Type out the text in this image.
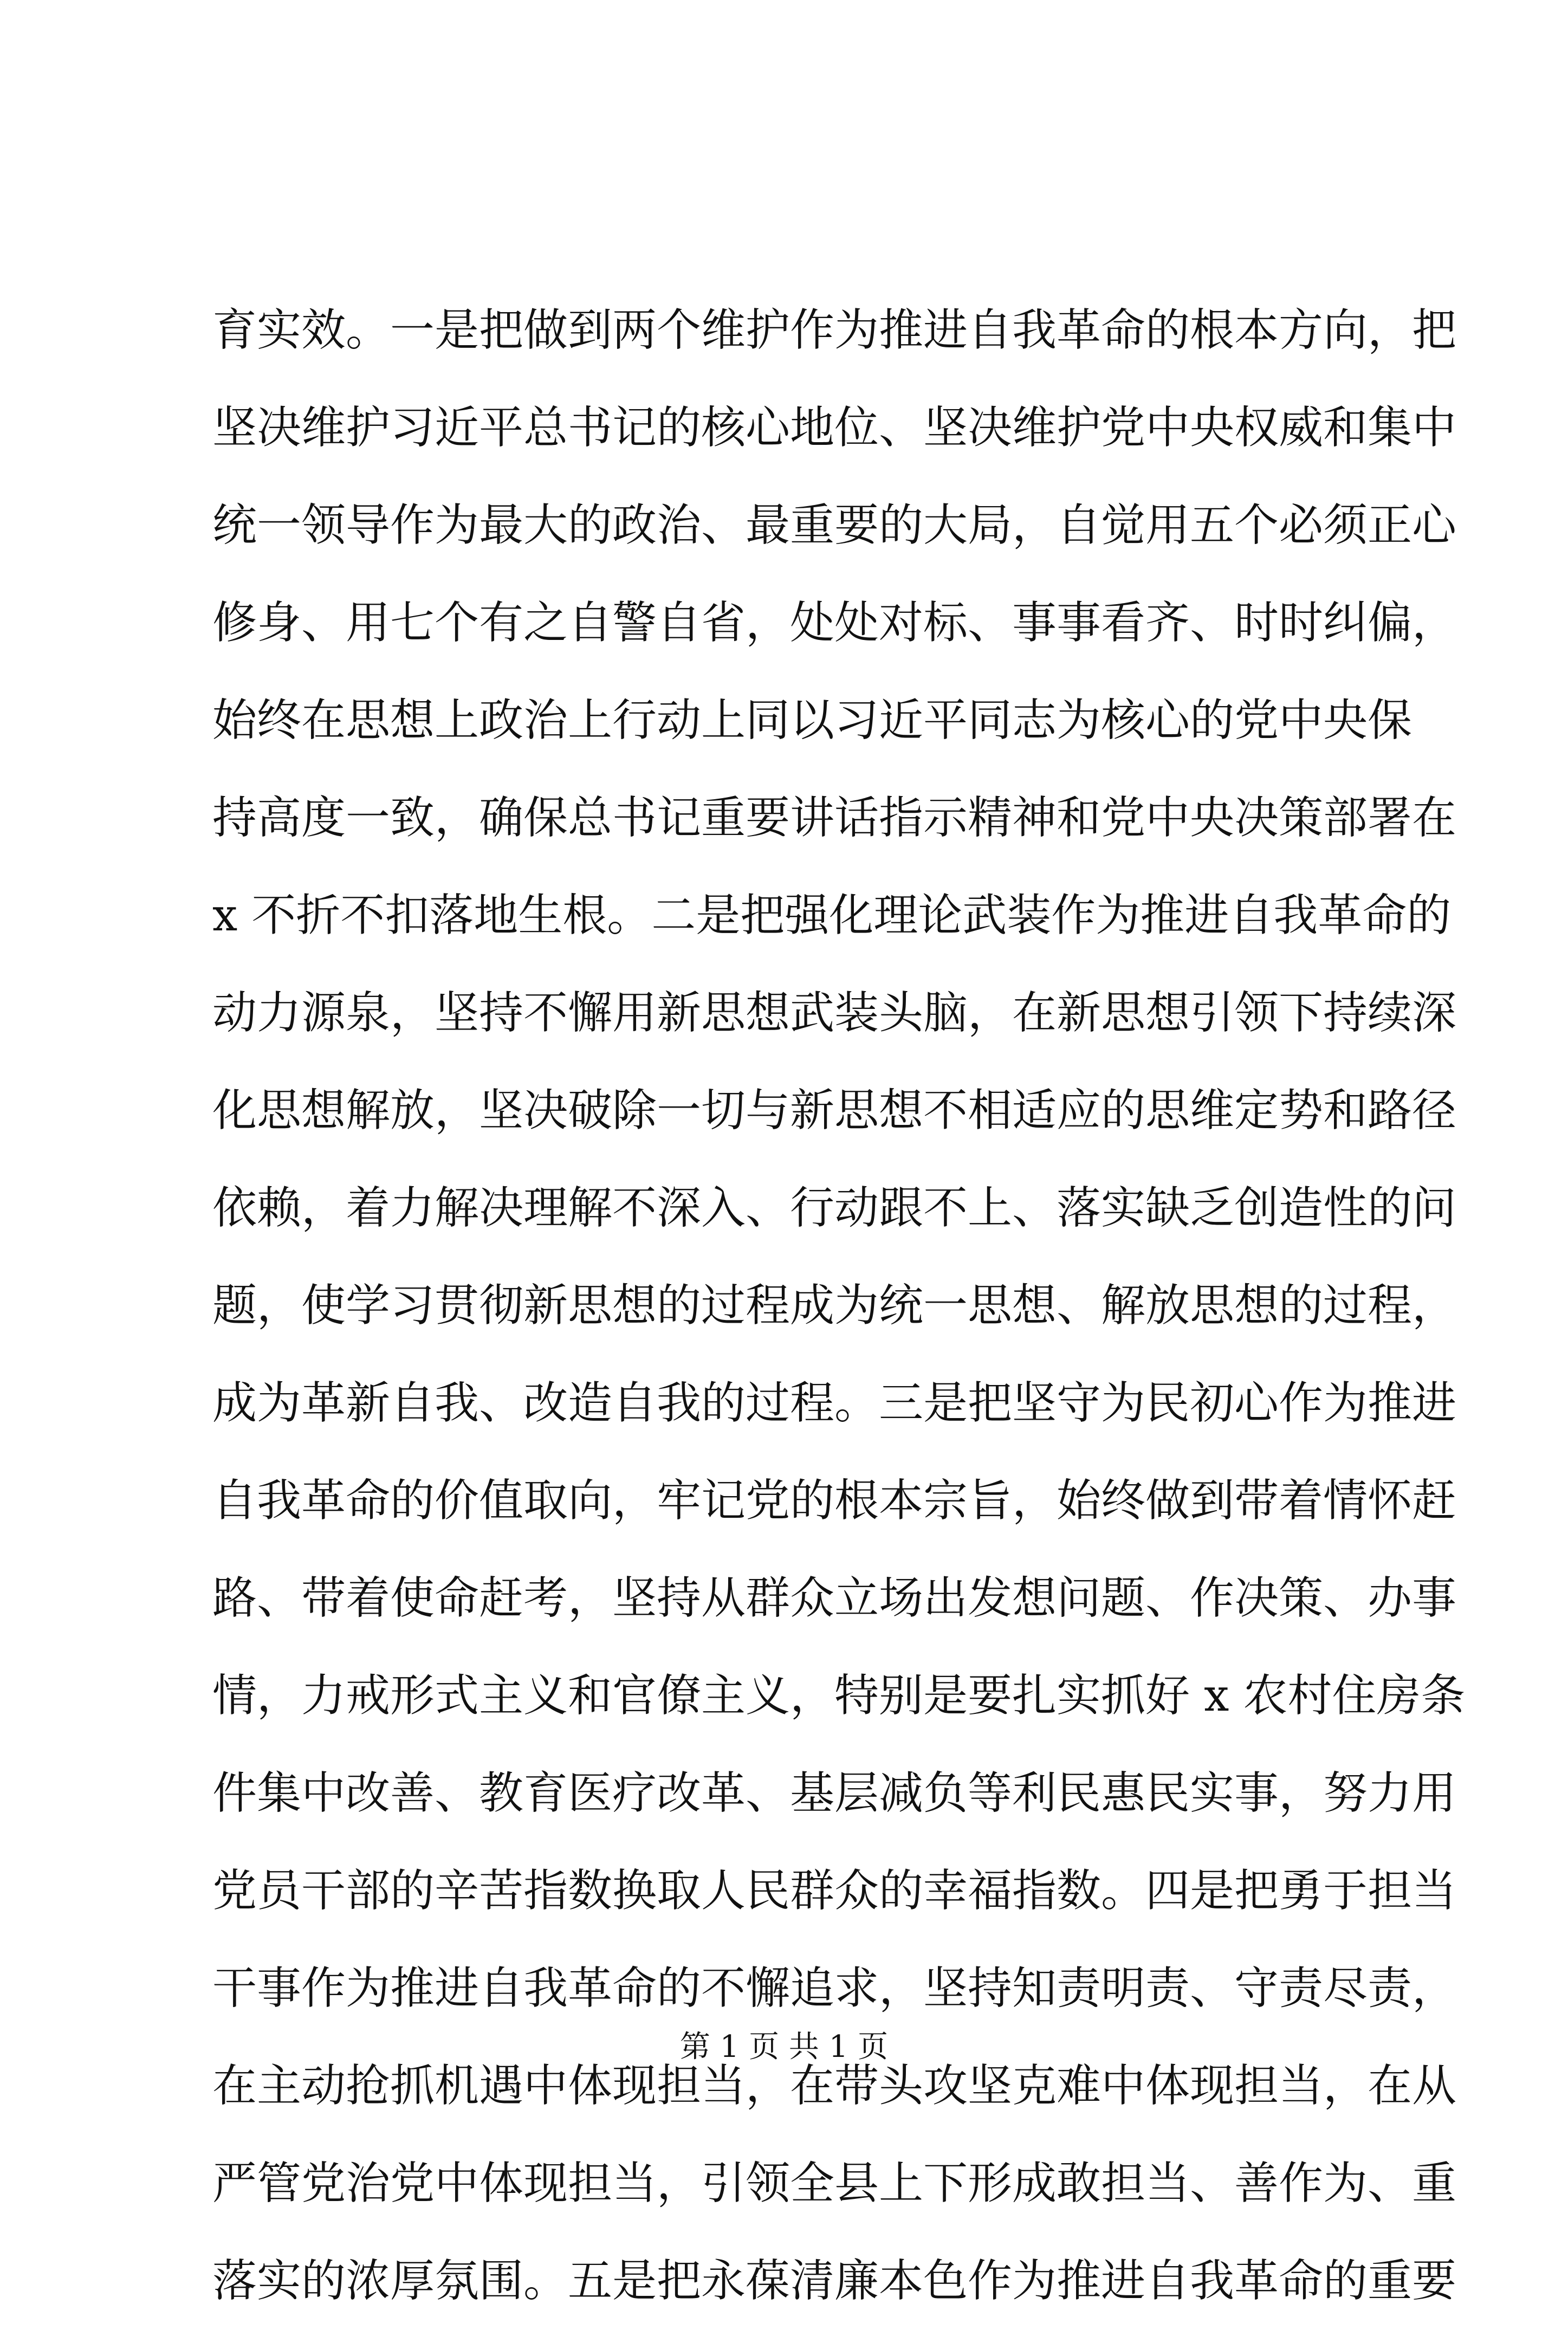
育实效。一是把做到两个维护作为推进自我革命的根本方向，把
坚决维护习近平总书记的核心地位、坚决维护党中央权威和集中
统一领导作为最大的政治、最重要的大局，自觉用五个必须正心
修身、用七个有之自警自省，处处对标、事事看齐、时时纠偏，
始终在思想上政治上行动上同以习近平同志为核心的党中央保
持高度一致，确保总书记重要讲话指示精神和党中央决策部署在
x 不折不扣落地生根。二是把强化理论武装作为推进自我革命的
动力源泉，坚持不懈用新思想武装头脑，在新思想引领下持续深
化思想解放，坚决破除一切与新思想不相适应的思维定势和路径
依赖，着力解决理解不深入、行动跟不上、落实缺乏创造性的问
题，使学习贯彻新思想的过程成为统一思想、解放思想的过程，
成为革新自我、改造自我的过程。三是把坚守为民初心作为推进
自我革命的价值取向，牢记党的根本宗旨，始终做到带着情怀赶
路、带着使命赶考，坚持从群众立场出发想问题、作决策、办事
情，力戒形式主义和官僚主义，特别是要扎实抓好 x 农村住房条
件集中改善、教育医疗改革、基层减负等利民惠民实事，努力用
党员干部的辛苦指数换取人民群众的幸福指数。四是把勇于担当
干事作为推进自我革命的不懈追求，坚持知责明责、守责尽责，
在主动抢抓机遇中体现担当，在带头攻坚克难中体现担当，在从
严管党治党中体现担当，引领全县上下形成敢担当、善作为、重
落实的浓厚氛围。五是把永葆清廉本色作为推进自我革命的重要
第 1 页 共 1 页
